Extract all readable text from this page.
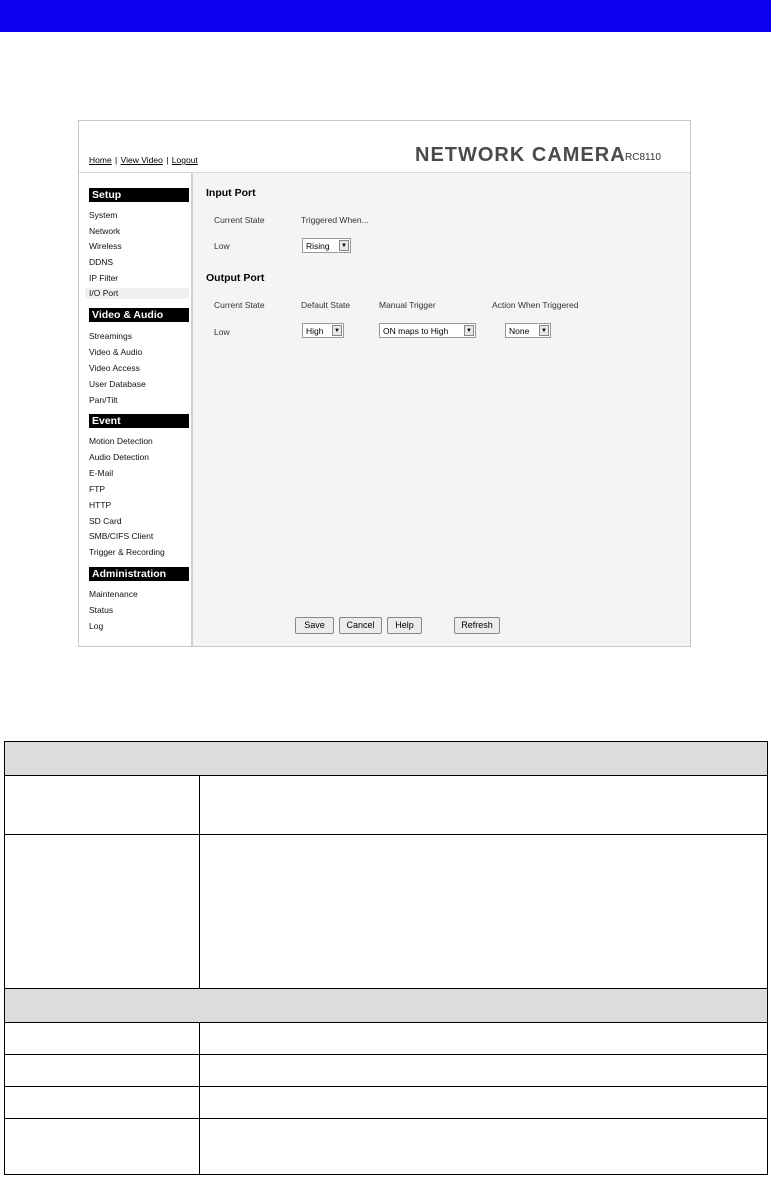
Home | View Video | Logout	NETWORK CAMERA RC8110
Setup
System
Network
Wireless
DDNS
IP Filter
I/O Port
Video & Audio
Streamings
Video & Audio
Video Access
User Database
Pan/Tilt
Event
Motion Detection
Audio Detection
E-Mail
FTP
HTTP
SD Card
SMB/CIFS Client
Trigger & Recording
Administration
Maintenance
Status
Log
Input Port
Current State	Triggered When...
Low	Rising	▼
Output Port
Current State	Default State	Manual Trigger	Action When Triggered
Low	High	▼	ON maps to High	▼	None	▼
Save	Cancel	Help	Refresh
